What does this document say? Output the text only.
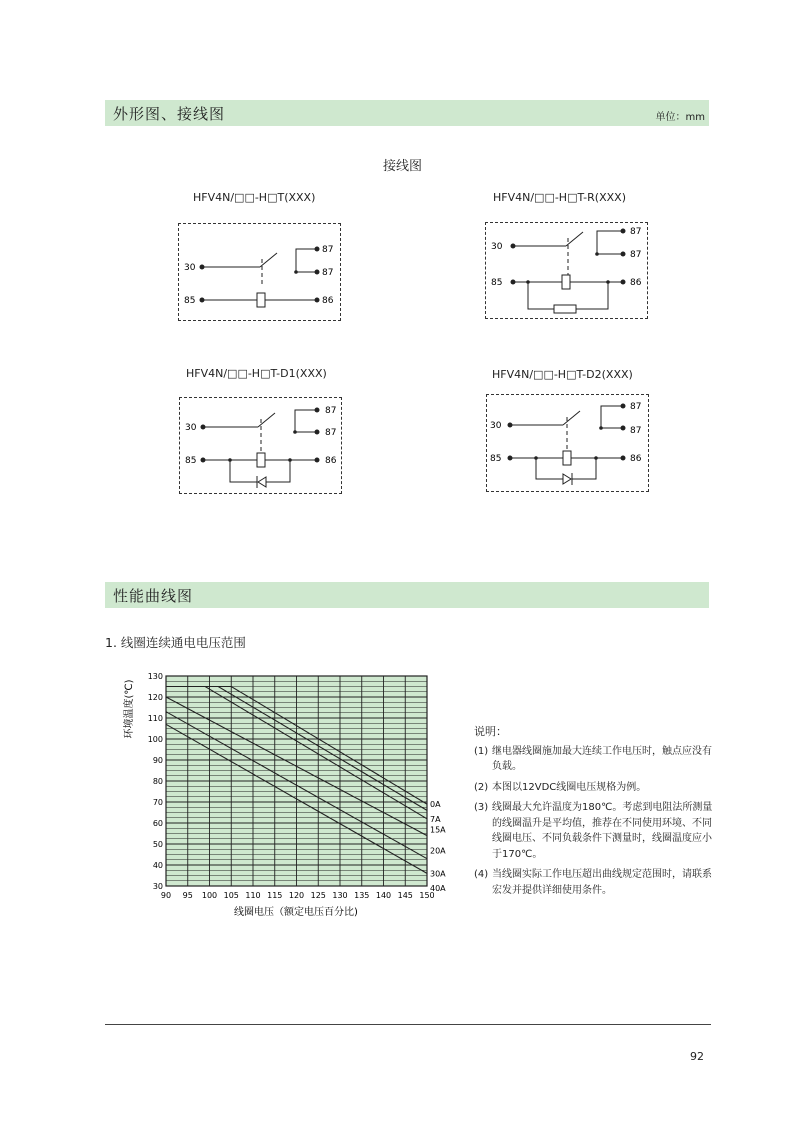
外形图、接线图	单位：mm
接线图
HFV4N/□□-H□T(XXX)
87
30	87
85	86
HFV4N/□□-H□T-R(XXX)
87
30
87
85	86
HFV4N/□□-H□T-D1(XXX)
87
30	87
85	86
HFV4N/□□-H□T-D2(XXX)
87
30	87
85	86
性能曲线图
1. 线圈连续通电电压范围
环境温度(℃)
线圈电压（额定电压百分比)
90 95 100 105 110 115 120 125 130 135 140 145 150
30
40
50
60
70
80
90
100
110
120
130
0A
7A
15A
20A
30A
40A
说明：
(1) 继电器线圈施加最大连续工作电压时，触点应没有负载。
(2) 本图以12VDC线圈电压规格为例。
(3) 线圈最大允许温度为180℃。考虑到电阻法所测量的线圈温升是平均值，推荐在不同使用环境、不同线圈电压、不同负载条件下测量时，线圈温度应小于170℃。
(4) 当线圈实际工作电压超出曲线规定范围时，请联系宏发并提供详细使用条件。
92
